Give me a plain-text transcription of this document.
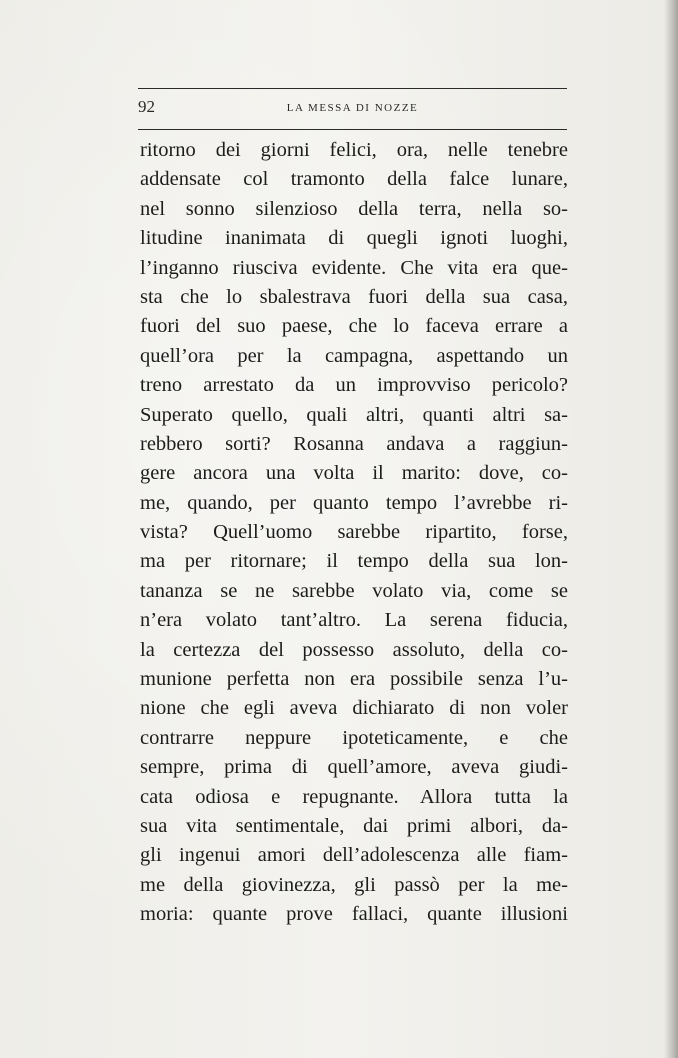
92	LA MESSA DI NOZZE
ritorno dei giorni felici, ora, nelle tenebre
addensate col tramonto della falce lunare,
nel sonno silenzioso della terra, nella so-
litudine inanimata di quegli ignoti luoghi,
l’inganno riusciva evidente. Che vita era que-
sta che lo sbalestrava fuori della sua casa,
fuori del suo paese, che lo faceva errare a
quell’ora per la campagna, aspettando un
treno arrestato da un improvviso pericolo?
Superato quello, quali altri, quanti altri sa-
rebbero sorti? Rosanna andava a raggiun-
gere ancora una volta il marito: dove, co-
me, quando, per quanto tempo l’avrebbe ri-
vista? Quell’uomo sarebbe ripartito, forse,
ma per ritornare; il tempo della sua lon-
tananza se ne sarebbe volato via, come se
n’era volato tant’altro. La serena fiducia,
la certezza del possesso assoluto, della co-
munione perfetta non era possibile senza l’u-
nione che egli aveva dichiarato di non voler
contrarre neppure ipoteticamente, e che
sempre, prima di quell’amore, aveva giudi-
cata odiosa e repugnante. Allora tutta la
sua vita sentimentale, dai primi albori, da-
gli ingenui amori dell’adolescenza alle fiam-
me della giovinezza, gli passò per la me-
moria: quante prove fallaci, quante illusioni
